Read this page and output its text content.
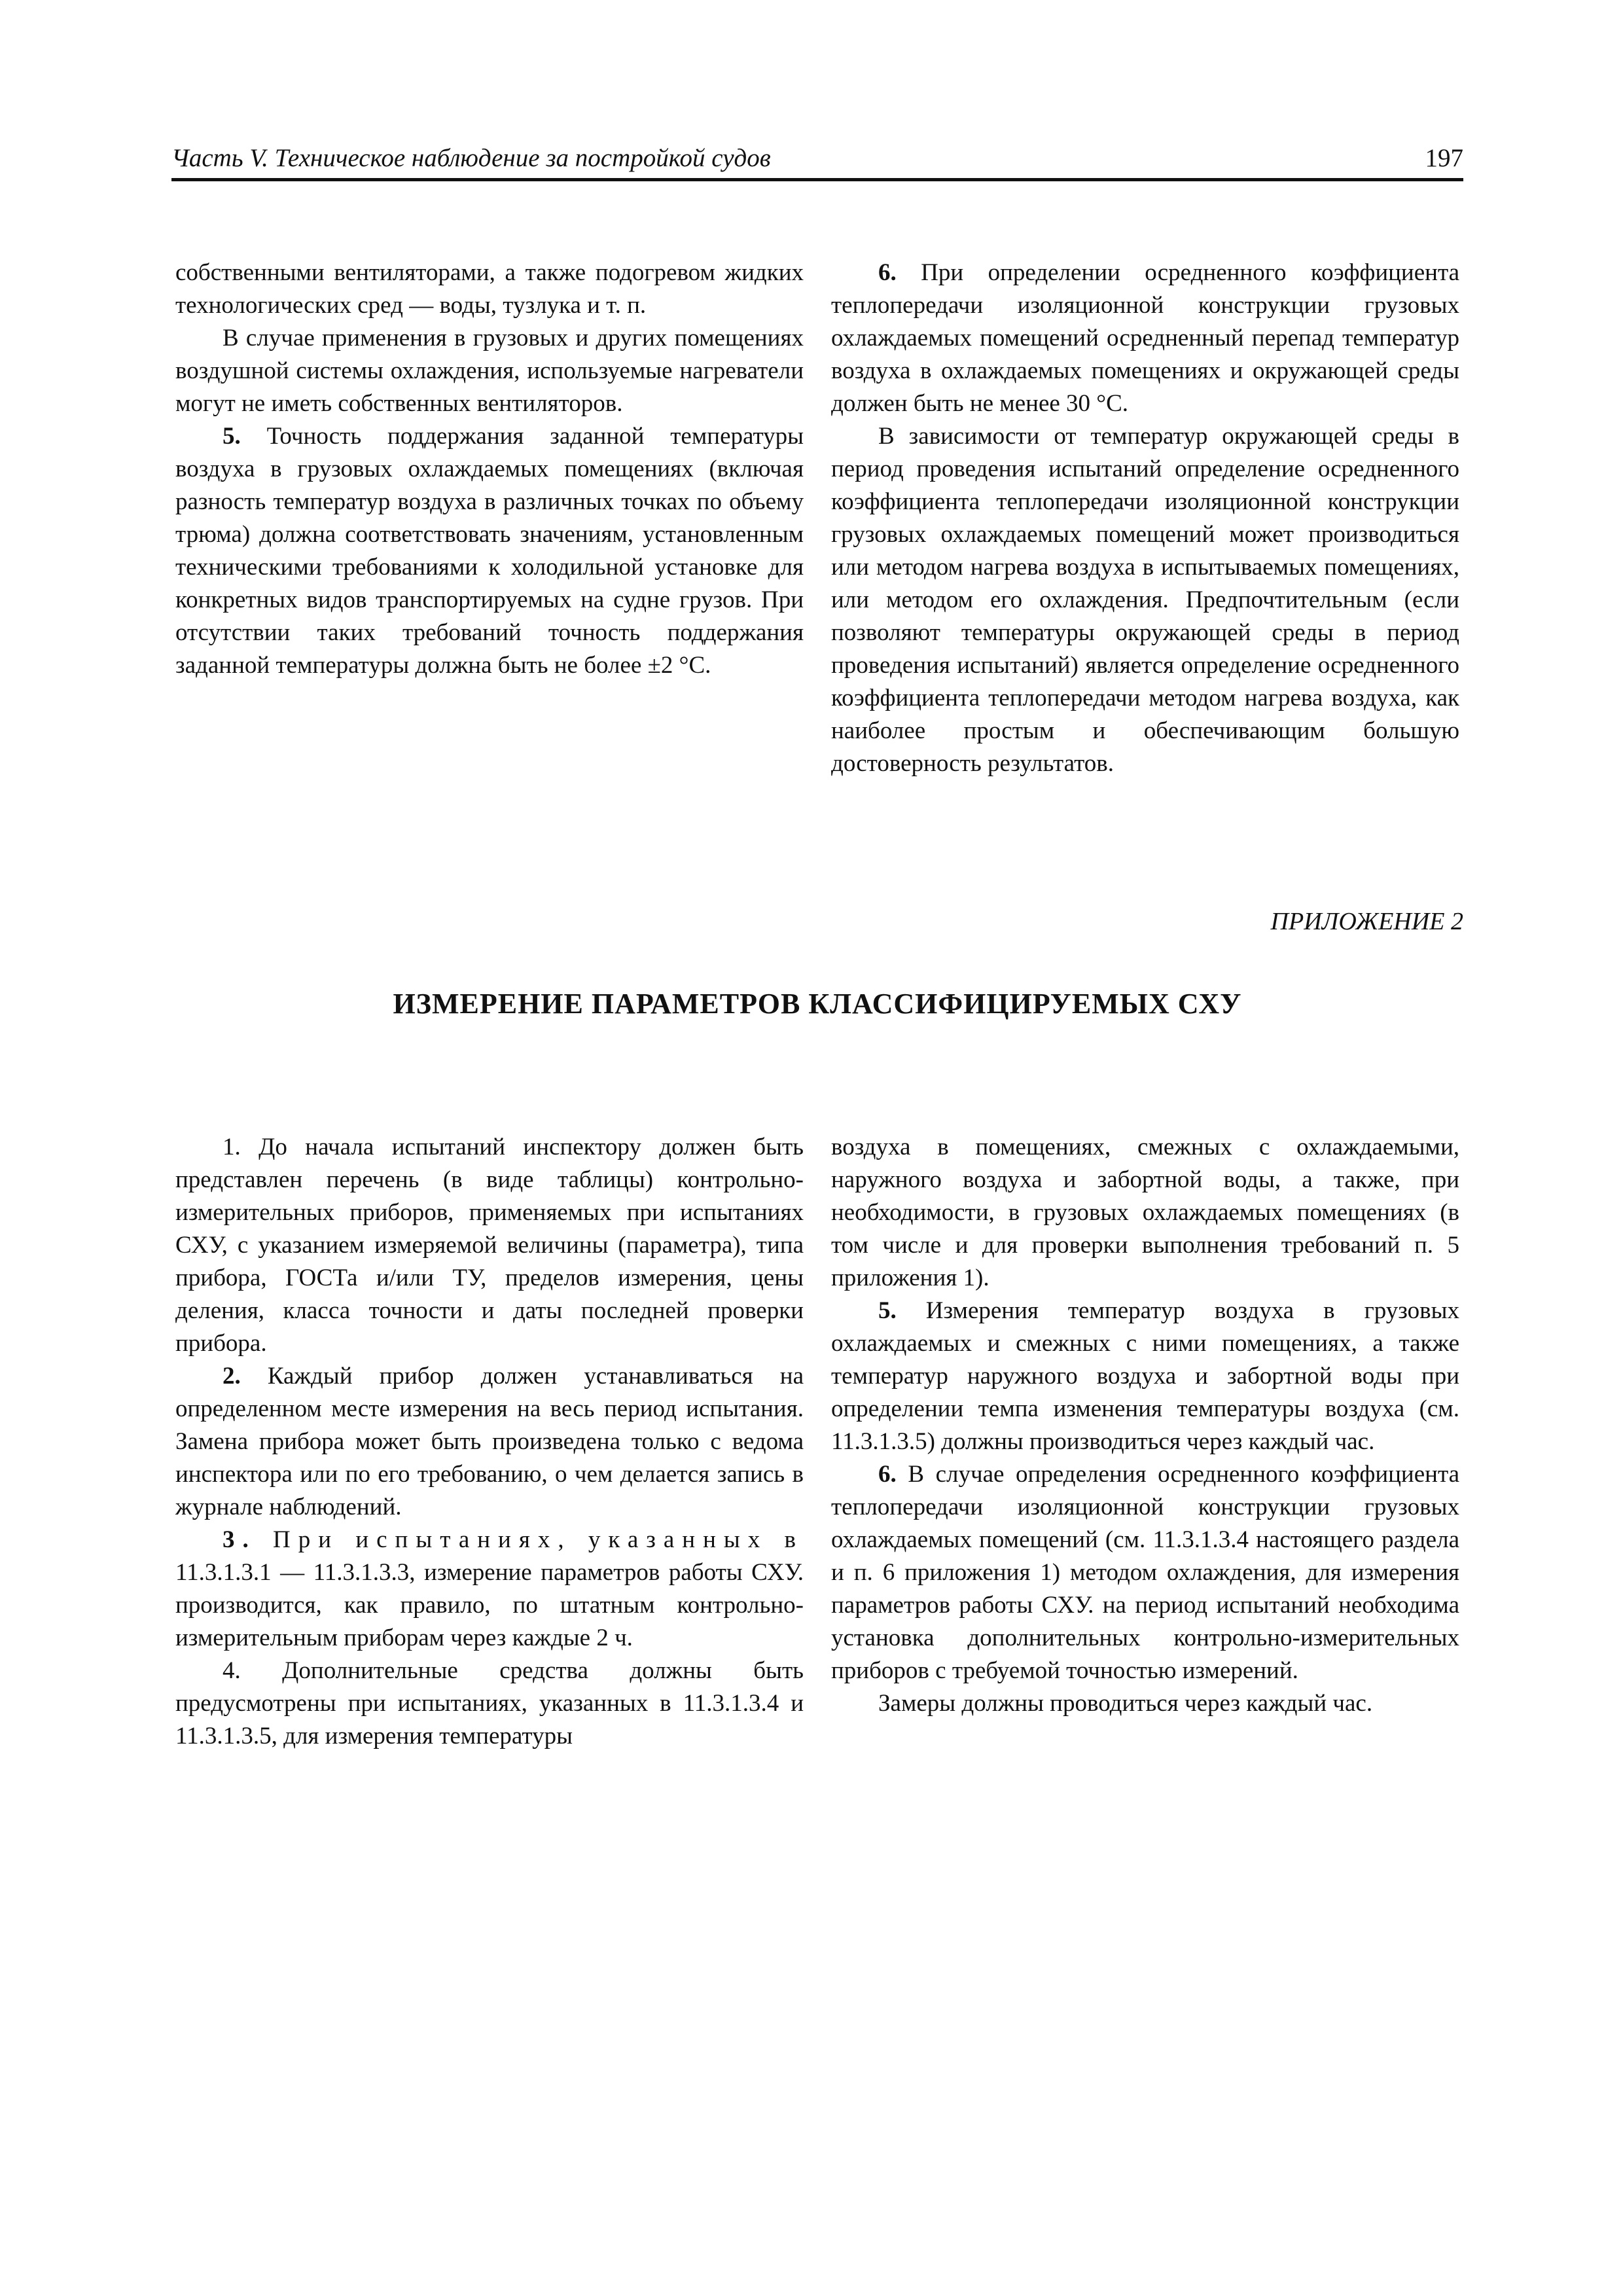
Часть V. Техническое наблюдение за постройкой судов	197

собственными вентиляторами, а также подогревом жидких технологических сред — воды, тузлука и т. п.

В случае применения в грузовых и других помещениях воздушной системы охлаждения, используемые нагреватели могут не иметь собственных вентиляторов.

5. Точность поддержания заданной температуры воздуха в грузовых охлаждаемых помещениях (включая разность температур воздуха в различных точках по объему трюма) должна соответствовать значениям, установленным техническими требованиями к холодильной установке для конкретных видов транспортируемых на судне грузов. При отсутствии таких требований точность поддержания заданной температуры должна быть не более ±2 °С.

6. При определении осредненного коэффициента теплопередачи изоляционной конструкции грузовых охлаждаемых помещений осредненный перепад температур воздуха в охлаждаемых помещениях и окружающей среды должен быть не менее 30 °С.

В зависимости от температур окружающей среды в период проведения испытаний определение осредненного коэффициента теплопередачи изоляционной конструкции грузовых охлаждаемых помещений может производиться или методом нагрева воздуха в испытываемых помещениях, или методом его охлаждения. Предпочтительным (если позволяют температуры окружающей среды в период проведения испытаний) является определение осредненного коэффициента теплопередачи методом нагрева воздуха, как наиболее простым и обеспечивающим большую достоверность результатов.

ПРИЛОЖЕНИЕ 2
ИЗМЕРЕНИЕ ПАРАМЕТРОВ КЛАССИФИЦИРУЕМЫХ СХУ

1. До начала испытаний инспектору должен быть представлен перечень (в виде таблицы) контрольно-измерительных приборов, применяемых при испытаниях СХУ, с указанием измеряемой величины (параметра), типа прибора, ГОСТа и/или ТУ, пределов измерения, цены деления, класса точности и даты последней проверки прибора.

2. Каждый прибор должен устанавливаться на определенном месте измерения на весь период испытания. Замена прибора может быть произведена только с ведома инспектора или по его требованию, о чем делается запись в журнале наблюдений.

3. При испытаниях, указанных в 11.3.1.3.1 — 11.3.1.3.3, измерение параметров работы СХУ. производится, как правило, по штатным контрольно-измерительным приборам через каждые 2 ч.

4. Дополнительные средства должны быть предусмотрены при испытаниях, указанных в 11.3.1.3.4 и 11.3.1.3.5, для измерения температуры

воздуха в помещениях, смежных с охлаждаемыми, наружного воздуха и забортной воды, а также, при необходимости, в грузовых охлаждаемых помещениях (в том числе и для проверки выполнения требований п. 5 приложения 1).

5. Измерения температур воздуха в грузовых охлаждаемых и смежных с ними помещениях, а также температур наружного воздуха и забортной воды при определении темпа изменения температуры воздуха (см. 11.3.1.3.5) должны производиться через каждый час.

6. В случае определения осредненного коэффициента теплопередачи изоляционной конструкции грузовых охлаждаемых помещений (см. 11.3.1.3.4 настоящего раздела и п. 6 приложения 1) методом охлаждения, для измерения параметров работы СХУ. на период испытаний необходима установка дополнительных контрольно-измерительных приборов с требуемой точностью измерений.

Замеры должны проводиться через каждый час.
